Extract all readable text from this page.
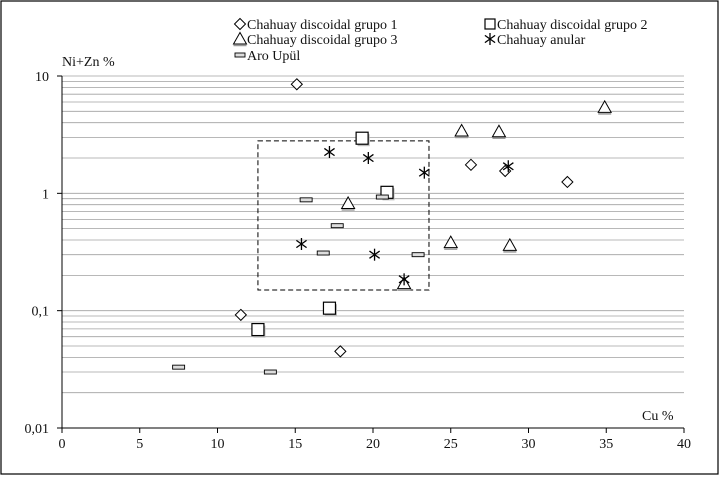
0	5	10	15	20	25	30	35	40
0,01
0,1
1
10
Chahuay discoidal grupo 1	Chahuay discoidal grupo 2
Chahuay discoidal grupo 3	Chahuay anular
Aro Upül
Ni+Zn %
Cu %
